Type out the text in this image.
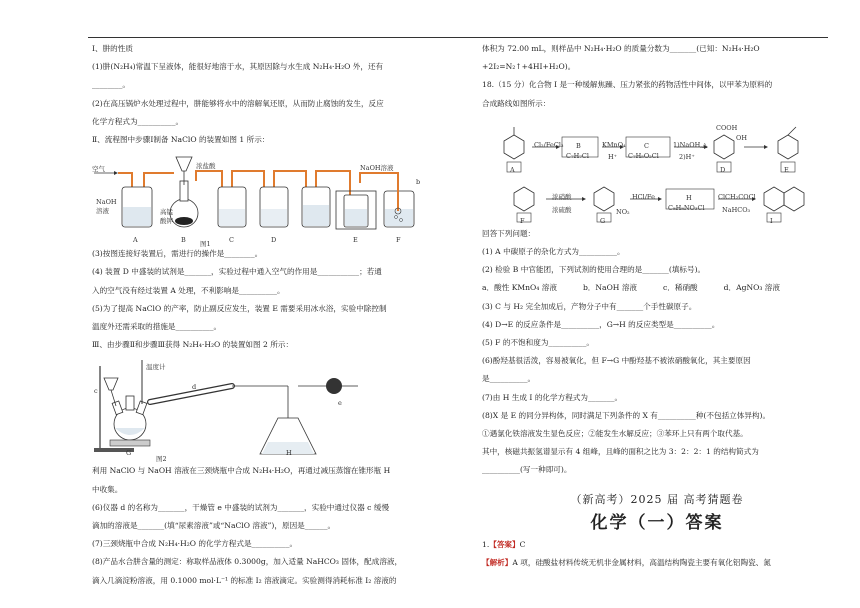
Ⅰ、肼的性质
(1)肼(N₂H₄)常温下呈液体，能很好地溶于水，其原因除与水生成 N₂H₄·H₂O 外，还有
________。
(2)在高压锅炉水处理过程中，肼能够将水中的溶解氧还原，从而防止腐蚀的发生，反应
化学方程式为__________。
Ⅱ、流程图中步骤Ⅰ制备 NaClO 的装置如图 1 所示：
空气
NaOH
溶液
浓盐酸
高锰
酸钾
NaOH溶液
b
A	B	C	D	E	F
图1
(3)按图连接好装置后，需进行的操作是________。
(4) 装置 D 中盛装的试剂是_______，实验过程中通入空气的作用是___________；若通
入的空气没有经过装置 A 处理，不利影响是__________。
(5)为了提高 NaClO 的产率，防止副反应发生，装置 E 需要采用冰水浴，实验中除控制
温度外还需采取的措施是__________。
Ⅲ、由步骤Ⅱ和步骤Ⅲ获得 N₂H₄·H₂O 的装置如图 2 所示：
温度计
c	d
e
G	H
图2
利用 NaClO 与 NaOH 溶液在三颈烧瓶中合成 N₂H₄·H₂O，再通过减压蒸馏在锥形瓶 H
中收集。
(6)仪器 d 的名称为_______，干燥管 e 中盛装的试剂为_______，实验中通过仪器 c 缓慢
滴加的溶液是_______(填“尿素溶液”或“NaClO 溶液”)，原因是______。
(7)三颈烧瓶中合成 N₂H₄·H₂O 的化学方程式是__________。
(8)产品水合肼含量的测定：称取样品液体 0.3000g，加入适量 NaHCO₃ 固体，配成溶液，
滴入几滴淀粉溶液，用 0.1000 mol·L⁻¹ 的标准 I₂ 溶液滴定。实验测得消耗标准 I₂ 溶液的
体积为 72.00 mL，则样品中 N₂H₄·H₂O 的质量分数为_______(已知：N₂H₄·H₂O
+2I₂=N₂↑+4HI+H₂O)。
18.（15 分）化合物 I 是一种缓解焦躁、压力紧张的药物活性中间体，以甲苯为原料的
合成路线如图所示：
A
Cl₂/FeCl₃ B
C₇H₇Cl
KMnO₄
H⁺
C
C₇H₅O₂Cl
1)NaOH,△
2)H⁺
COOH
OH
D	E
F
浓硝酸
浓硫酸
G
NO₂
HCl/Fe	H
C₈H₈NO₃Cl
ClCH₂COCl
NaHCO₃
I
回答下列问题：
(1) A 中碳原子的杂化方式为__________。
(2) 检验 B 中官能团，下列试剂的使用合理的是_______(填标号)。
a．酸性 KMnO₄ 溶液	b．NaOH 溶液	c．稀硝酸	d．AgNO₃ 溶液
(3) C 与 H₂ 完全加成后，产物分子中有_______个手性碳原子。
(4) D→E 的反应条件是__________，G→H 的反应类型是__________。
(5) F 的不饱和度为__________。
(6)酚羟基很活泼，容易被氧化，但 F→G 中酚羟基不被浓硝酸氧化，其主要原因
是__________。
(7)由 H 生成 I 的化学方程式为_______。
(8)X 是 E 的同分异构体，同时满足下列条件的 X 有__________种(不包括立体异构)。
①遇氯化铁溶液发生显色反应；②能发生水解反应；③苯环上只有两个取代基。
其中，核磁共振氢谱显示有 4 组峰，且峰的面积之比为 3：2：2：1 的结构简式为
__________(写一种即可)。
（新高考）2025 届 高考猜题卷
化学（一）答案
1.【答案】C
【解析】A 项，硅酸盐材料传统无机非金属材料，高温结构陶瓷主要有氧化铝陶瓷、氮
